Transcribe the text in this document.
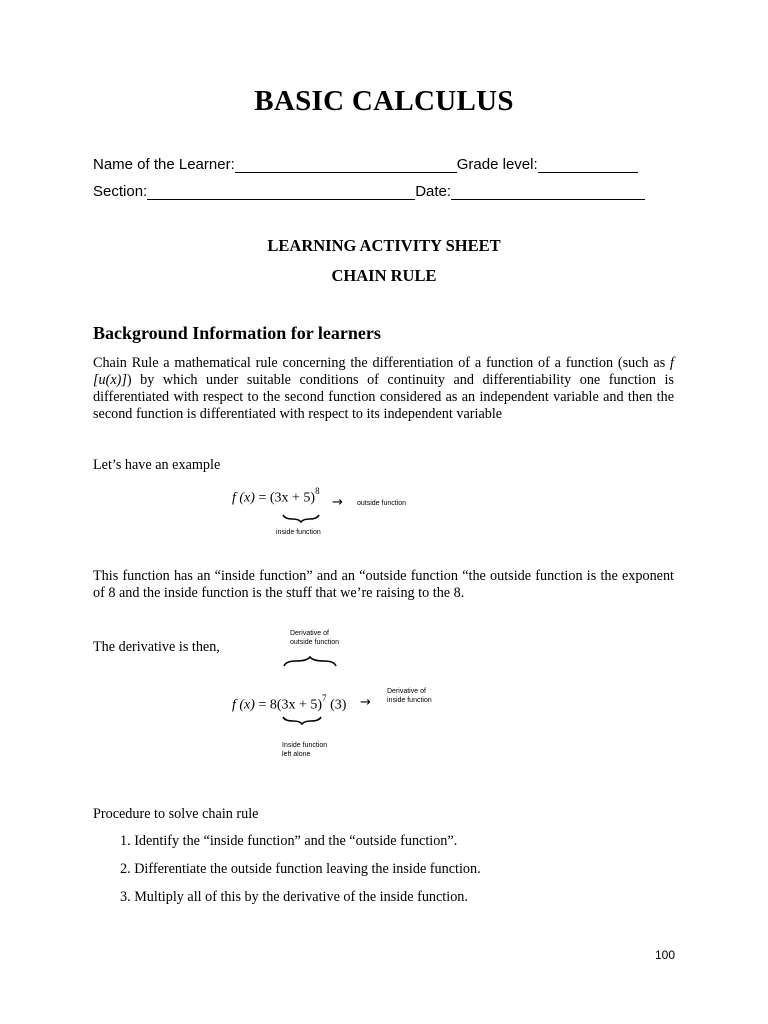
BASIC CALCULUS
Name of the Learner:	Grade level:
Section:	Date:
LEARNING ACTIVITY SHEET
CHAIN RULE
Background Information for learners
Chain Rule a mathematical rule concerning the differentiation of a function of a function (such as f [u(x)]) by which under suitable conditions of continuity and differentiability one function is differentiated with respect to the second function considered as an independent variable and then the second function is differentiated with respect to its independent variable
Let’s have an example
f $(x) = (3x + 5)^8$
→ outside function
inside function
This function has an “inside function” and an “outside function “the outside function is the exponent of 8 and the inside function is the stuff that we’re raising to the 8.
Derivative of
outside function
The derivative is then,
f $(x) = 8(3x + 5)^7$ (3) →
Derivative of
inside function
Inside function
left alone
Procedure to solve chain rule
1. Identify the “inside function” and the “outside function”.
2. Differentiate the outside function leaving the inside function.
3. Multiply all of this by the derivative of the inside function.
100
